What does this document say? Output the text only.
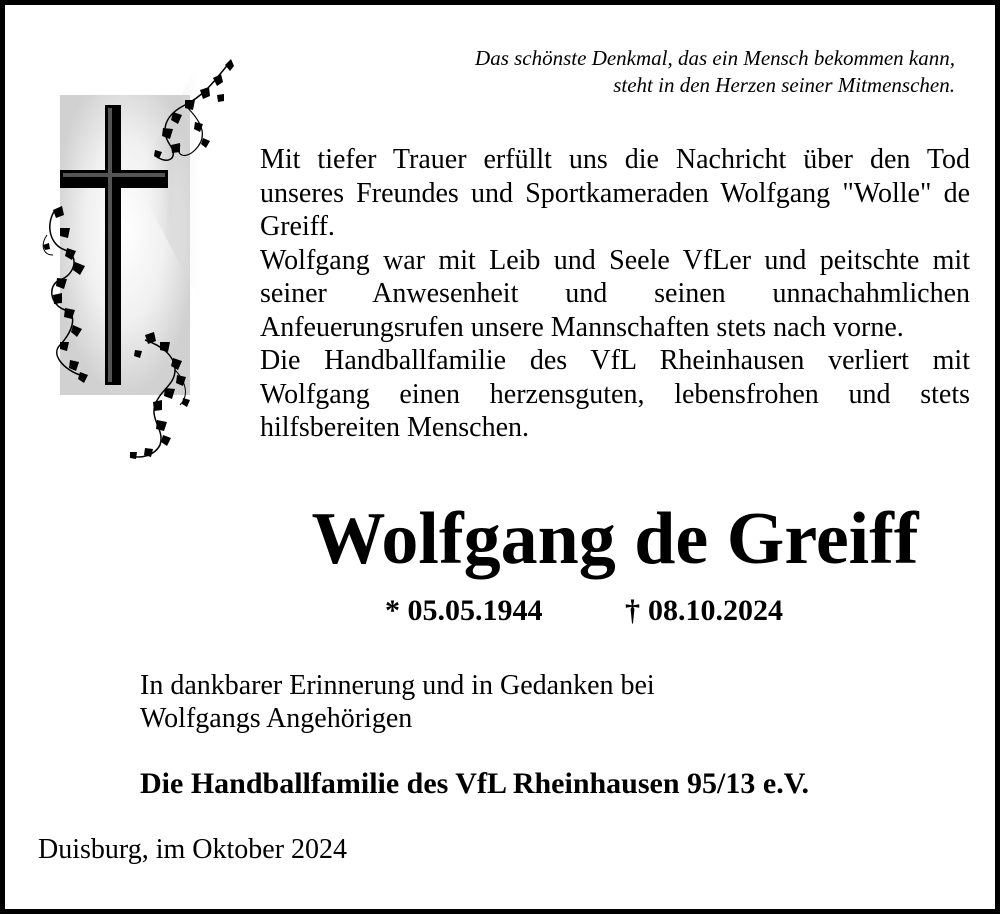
Das schönste Denkmal, das ein Mensch bekommen kann,
steht in den Herzen seiner Mitmenschen.

Mit tiefer Trauer erfüllt uns die Nachricht über den Tod unseres Freundes und Sportkameraden Wolfgang "Wolle" de Greiff.

Wolfgang war mit Leib und Seele VfLer und peitschte mit seiner Anwesenheit und seinen unnachahmlichen Anfeuerungsrufen unsere Mannschaften stets nach vorne.

Die Handballfamilie des VfL Rheinhausen verliert mit Wolfgang einen herzensguten, lebensfrohen und stets hilfsbereiten Menschen.

Wolfgang de Greiff
* 05.05.1944	† 08.10.2024
In dankbarer Erinnerung und in Gedanken bei
Wolfgangs Angehörigen
Die Handballfamilie des VfL Rheinhausen 95/13 e.V.
Duisburg, im Oktober 2024
